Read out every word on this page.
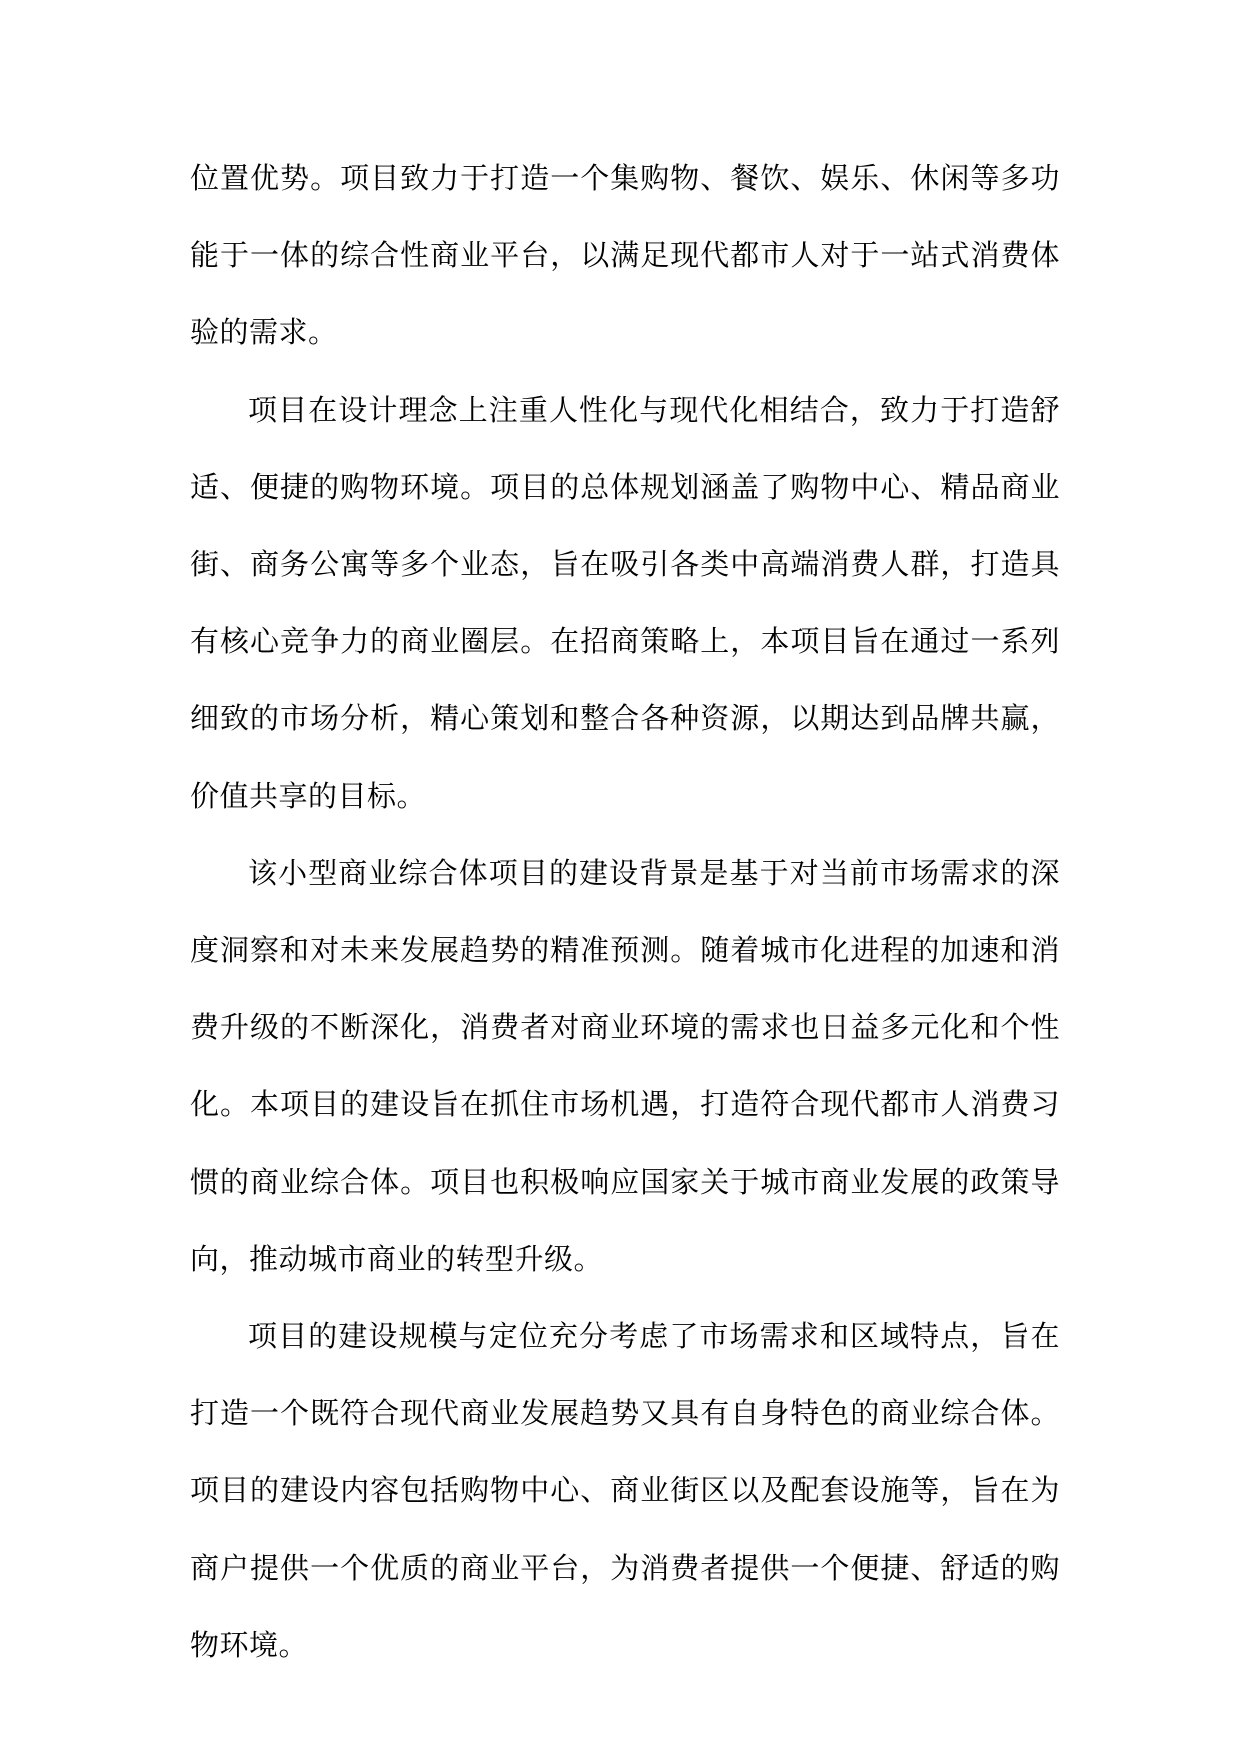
位置优势。项目致力于打造一个集购物、餐饮、娱乐、休闲等多功能于一体的综合性商业平台，以满足现代都市人对于一站式消费体验的需求。

项目在设计理念上注重人性化与现代化相结合，致力于打造舒适、便捷的购物环境。项目的总体规划涵盖了购物中心、精品商业街、商务公寓等多个业态，旨在吸引各类中高端消费人群，打造具有核心竞争力的商业圈层。在招商策略上，本项目旨在通过一系列细致的市场分析，精心策划和整合各种资源，以期达到品牌共赢，价值共享的目标。

该小型商业综合体项目的建设背景是基于对当前市场需求的深度洞察和对未来发展趋势的精准预测。随着城市化进程的加速和消费升级的不断深化，消费者对商业环境的需求也日益多元化和个性化。本项目的建设旨在抓住市场机遇，打造符合现代都市人消费习惯的商业综合体。项目也积极响应国家关于城市商业发展的政策导向，推动城市商业的转型升级。

项目的建设规模与定位充分考虑了市场需求和区域特点，旨在打造一个既符合现代商业发展趋势又具有自身特色的商业综合体。项目的建设内容包括购物中心、商业街区以及配套设施等，旨在为商户提供一个优质的商业平台，为消费者提供一个便捷、舒适的购物环境。
